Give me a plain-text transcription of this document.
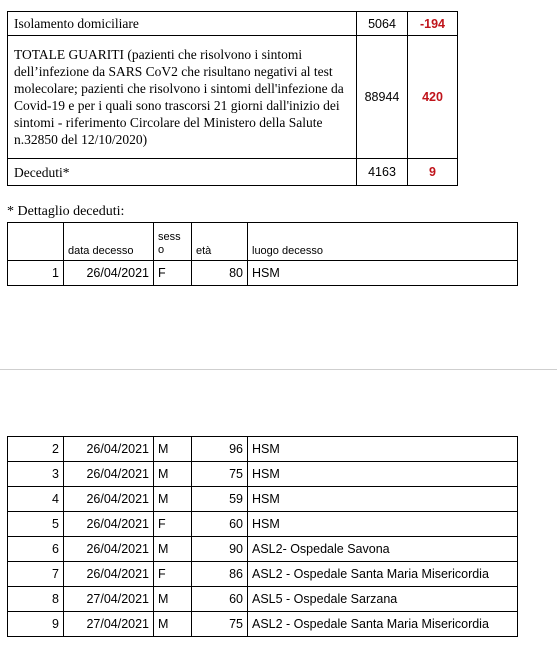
Isolamento domiciliare	5064	-194
TOTALE GUARITI (pazienti che risolvono i sintomi dell’infezione da SARS CoV2 che risultano negativi al test molecolare; pazienti che risolvono i sintomi dell'infezione da Covid-19 e per i quali sono trascorsi 21 giorni dall'inizio dei sintomi - riferimento Circolare del Ministero della Salute n.32850 del 12/10/2020)	88944	420
Deceduti*	4163	9
* Dettaglio deceduti:
	data decesso	sess o	età	luogo decesso
1	26/04/2021	F	80	HSM
2	26/04/2021	M	96	HSM
3	26/04/2021	M	75	HSM
4	26/04/2021	M	59	HSM
5	26/04/2021	F	60	HSM
6	26/04/2021	M	90	ASL2- Ospedale Savona
7	26/04/2021	F	86	ASL2 - Ospedale Santa Maria Misericordia
8	27/04/2021	M	60	ASL5 - Ospedale Sarzana
9	27/04/2021	M	75	ASL2 - Ospedale Santa Maria Misericordia
